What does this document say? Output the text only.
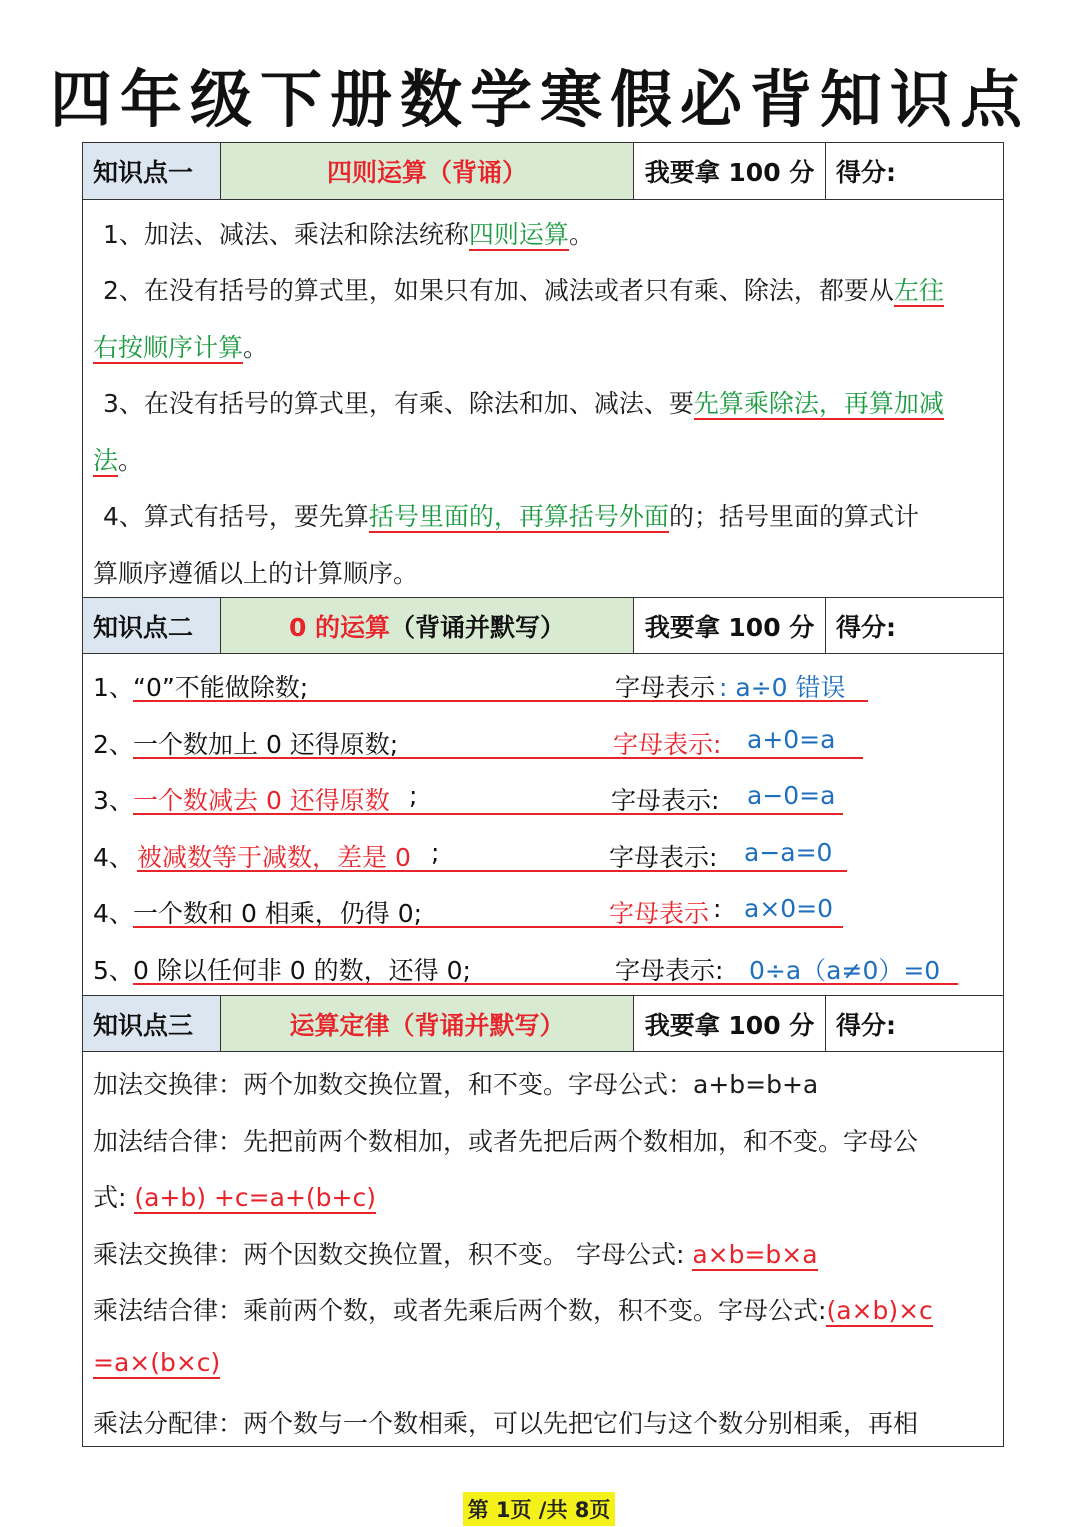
四年级下册数学寒假必背知识点
知识点一	四则运算（背诵）	我要拿 100 分 得分:
1、加法、减法、乘法和除法统称四则运算。
2、在没有括号的算式里，如果只有加、减法或者只有乘、除法，都要从左往
右按顺序计算。
3、在没有括号的算式里，有乘、除法和加、减法、要先算乘除法，再算加减
法。
4、算式有括号，要先算括号里面的，再算括号外面的；括号里面的算式计
算顺序遵循以上的计算顺序。
知识点二	0 的运算 （背诵并默写）	我要拿 100 分 得分:
1、 “0”不能做除数;	字母表示 : a÷0 错误
2、 一个数加上 0 还得原数;	字母表示: a+0=a
3、 一个数减去 0 还得原数 ;	字母表示: a−0=a
4、 被减数等于减数，差是 0 ;	字母表示: a−a=0
4、 一个数和 0 相乘，仍得 0;	字母表示 : a×0=0
5、 0 除以任何非 0 的数，还得 0;	字母表示: 0÷a（a≠0）=0
知识点三	运算定律（背诵并默写）	我要拿 100 分 得分:
加法交换律：两个加数交换位置，和不变。字母公式：a+b=b+a
加法结合律：先把前两个数相加，或者先把后两个数相加，和不变。字母公
式: (a+b) +c=a+(b+c)
乘法交换律：两个因数交换位置，积不变。 字母公式: a×b=b×a
乘法结合律：乘前两个数，或者先乘后两个数，积不变。字母公式:(a×b)×c
=a×(b×c)
乘法分配律：两个数与一个数相乘，可以先把它们与这个数分别相乘，再相
第 1页 /共 8页
